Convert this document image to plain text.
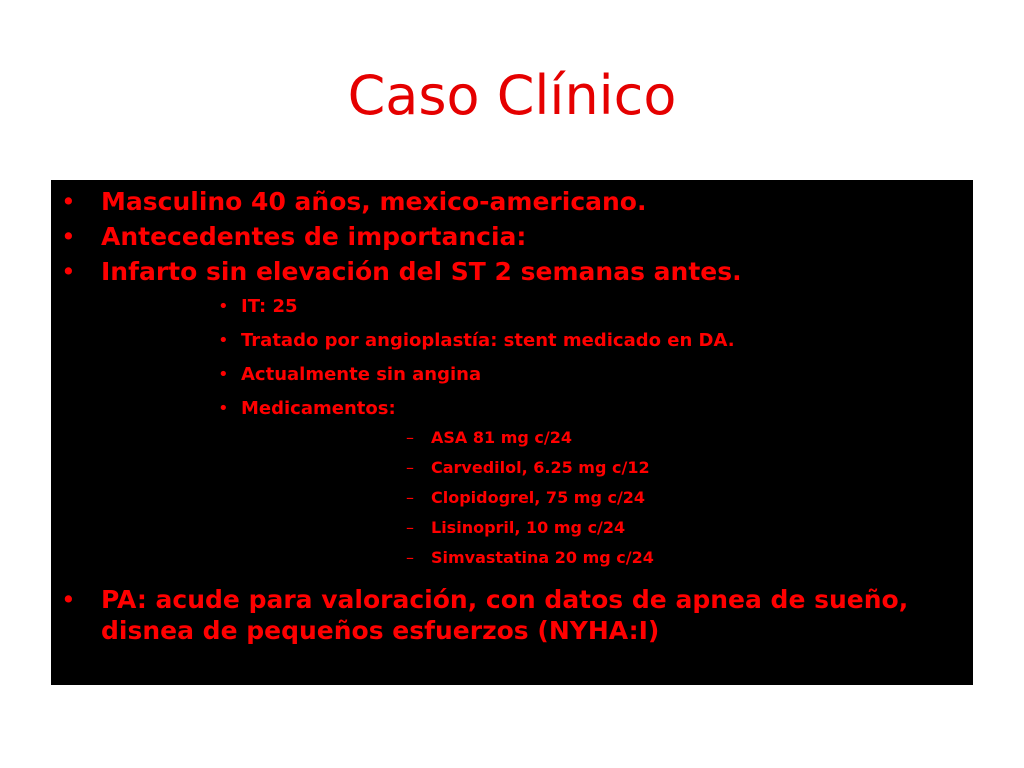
Caso Clínico
• Masculino 40 años, mexico-americano.
• Antecedentes de importancia:
• Infarto sin elevación del ST 2 semanas antes.
• IT: 25
• Tratado por angioplastía: stent medicado en DA.
• Actualmente sin angina
• Medicamentos:
– ASA 81 mg c/24
– Carvedilol, 6.25 mg c/12
– Clopidogrel, 75 mg c/24
– Lisinopril, 10 mg c/24
– Simvastatina 20 mg c/24
• PA: acude para valoración, con datos de apnea de sueño, disnea de pequeños esfuerzos (NYHA:I)
